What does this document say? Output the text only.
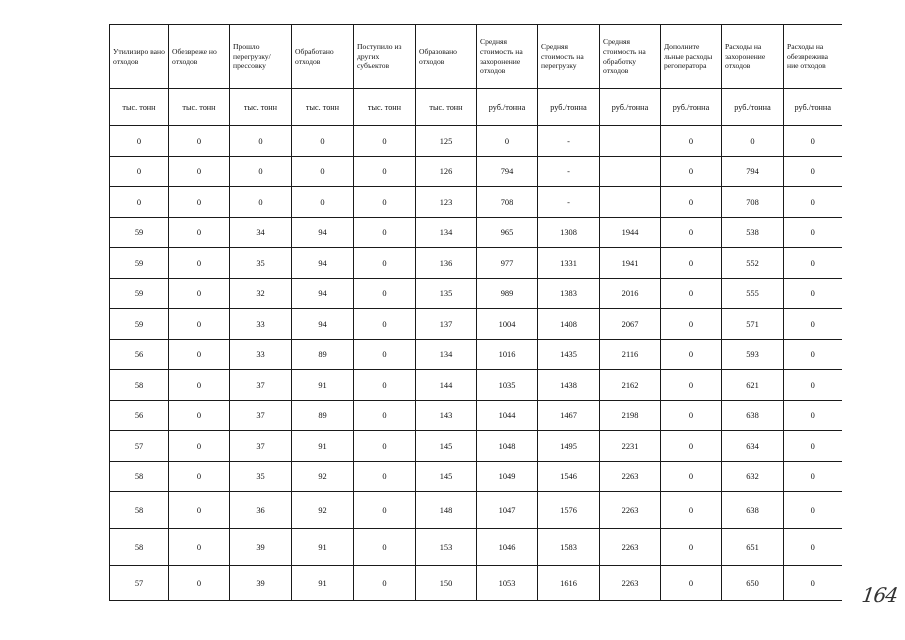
Утилизиро вано отходов	Обезвреже но отходов	Прошло перегрузку/ прессовку	Обработано отходов	Поступило из других субъектов	Образовано отходов	Средняя стоимость на захоронение отходов	Средняя стоимость на перегрузку	Средняя стоимость на обработку отходов	Дополните льные расходы регоператора	Расходы на захоронение отходов	Расходы на обезврежива ние отходов
тыс. тонн	тыс. тонн	тыс. тонн	тыс. тонн	тыс. тонн	тыс. тонн	руб./тонна	руб./тонна	руб./тонна	руб./тонна	руб./тонна	руб./тонна
0	0	0	0	0	125	0	-		0	0	0
0	0	0	0	0	126	794	-		0	794	0
0	0	0	0	0	123	708	-		0	708	0
59	0	34	94	0	134	965	1308	1944	0	538	0
59	0	35	94	0	136	977	1331	1941	0	552	0
59	0	32	94	0	135	989	1383	2016	0	555	0
59	0	33	94	0	137	1004	1408	2067	0	571	0
56	0	33	89	0	134	1016	1435	2116	0	593	0
58	0	37	91	0	144	1035	1438	2162	0	621	0
56	0	37	89	0	143	1044	1467	2198	0	638	0
57	0	37	91	0	145	1048	1495	2231	0	634	0
58	0	35	92	0	145	1049	1546	2263	0	632	0
58	0	36	92	0	148	1047	1576	2263	0	638	0
58	0	39	91	0	153	1046	1583	2263	0	651	0
57	0	39	91	0	150	1053	1616	2263	0	650	0 164
